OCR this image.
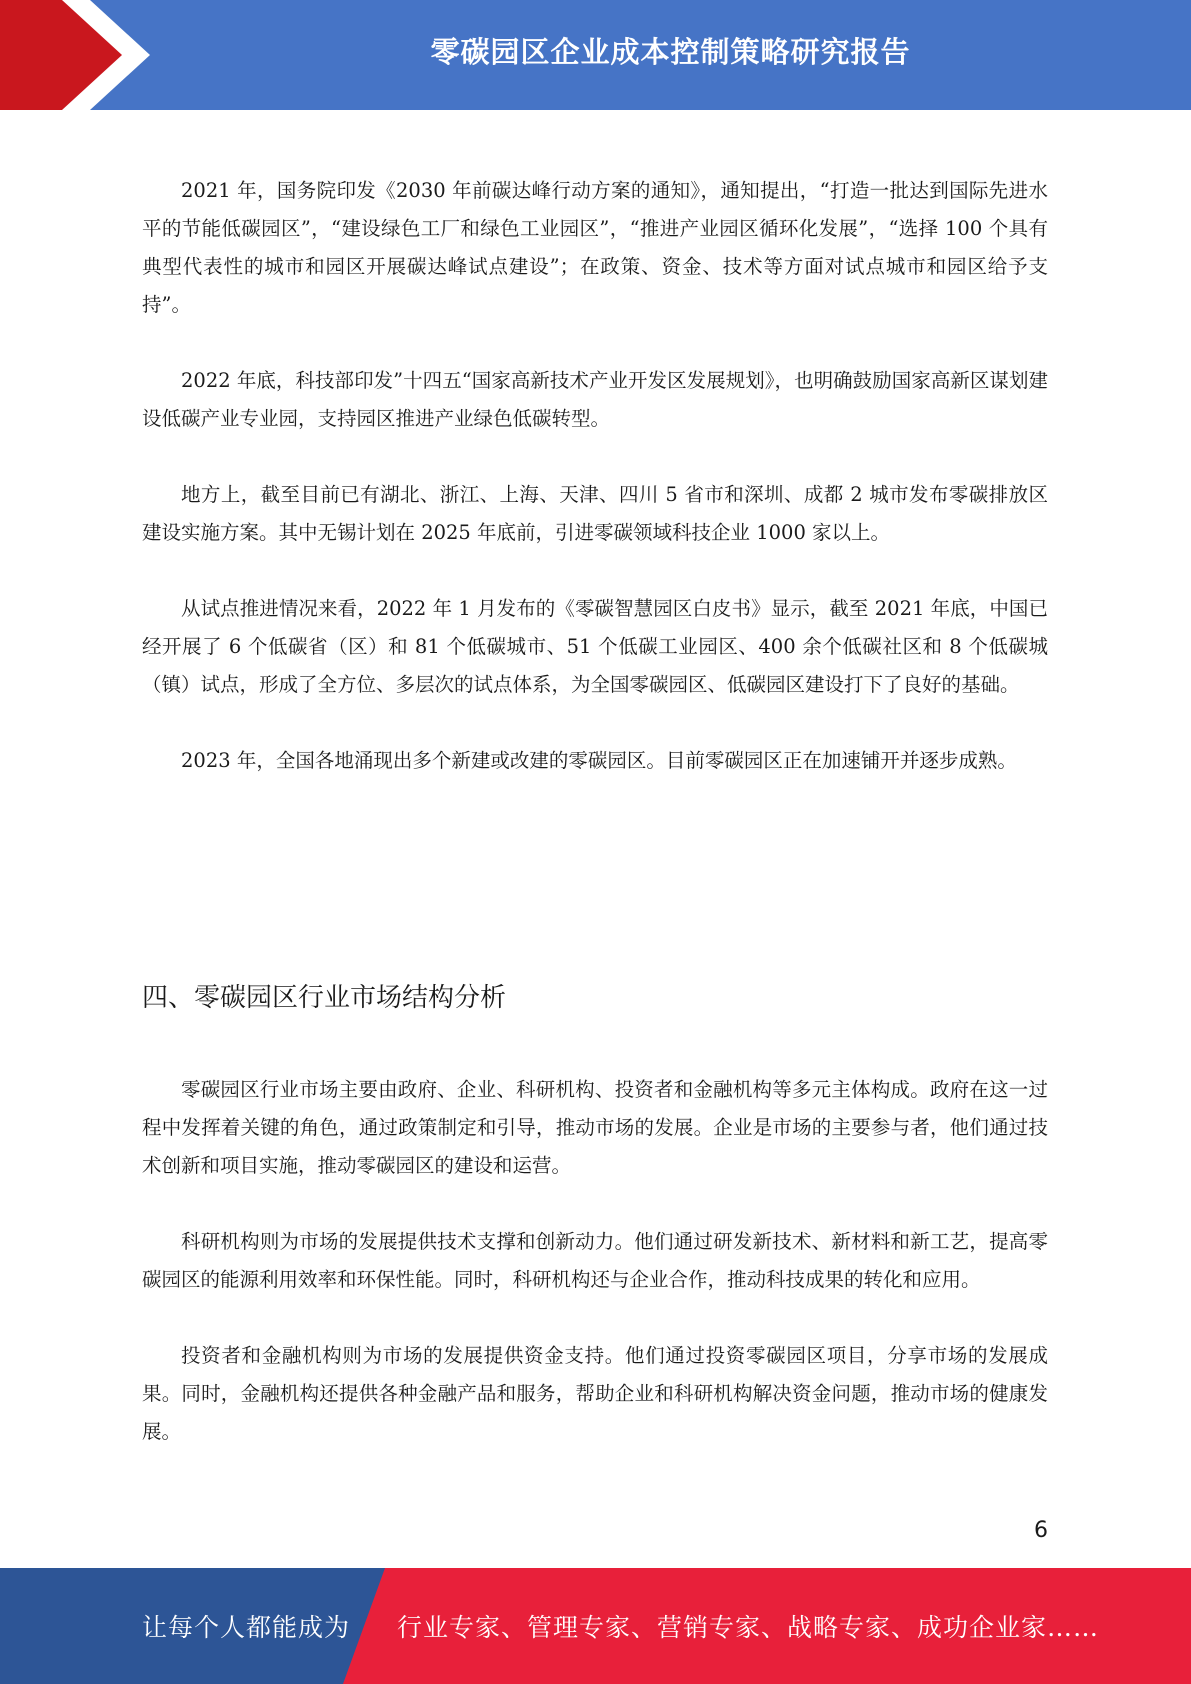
零碳园区企业成本控制策略研究报告

2021 年，国务院印发《2030 年前碳达峰行动方案的通知》，通知提出，“打造一批达到国际先进水平的节能低碳园区”，“建设绿色工厂和绿色工业园区”，“推进产业园区循环化发展”，“选择 100 个具有典型代表性的城市和园区开展碳达峰试点建设”；在政策、资金、技术等方面对试点城市和园区给予支持”。

2022 年底，科技部印发”十四五“国家高新技术产业开发区发展规划》，也明确鼓励国家高新区谋划建设低碳产业专业园，支持园区推进产业绿色低碳转型。

地方上，截至目前已有湖北、浙江、上海、天津、四川 5 省市和深圳、成都 2 城市发布零碳排放区建设实施方案。其中无锡计划在 2025 年底前，引进零碳领域科技企业 1000 家以上。

从试点推进情况来看，2022 年 1 月发布的《零碳智慧园区白皮书》显示，截至 2021 年底，中国已经开展了 6 个低碳省（区）和 81 个低碳城市、51 个低碳工业园区、400 余个低碳社区和 8 个低碳城（镇）试点，形成了全方位、多层次的试点体系，为全国零碳园区、低碳园区建设打下了良好的基础。

2023 年，全国各地涌现出多个新建或改建的零碳园区。目前零碳园区正在加速铺开并逐步成熟。

四、零碳园区行业市场结构分析

零碳园区行业市场主要由政府、企业、科研机构、投资者和金融机构等多元主体构成。政府在这一过程中发挥着关键的角色，通过政策制定和引导，推动市场的发展。企业是市场的主要参与者，他们通过技术创新和项目实施，推动零碳园区的建设和运营。

科研机构则为市场的发展提供技术支撑和创新动力。他们通过研发新技术、新材料和新工艺，提高零碳园区的能源利用效率和环保性能。同时，科研机构还与企业合作，推动科技成果的转化和应用。

投资者和金融机构则为市场的发展提供资金支持。他们通过投资零碳园区项目，分享市场的发展成果。同时，金融机构还提供各种金融产品和服务，帮助企业和科研机构解决资金问题，推动市场的健康发展。

6
让每个人都能成为 行业专家、管理专家、营销专家、战略专家、成功企业家……
